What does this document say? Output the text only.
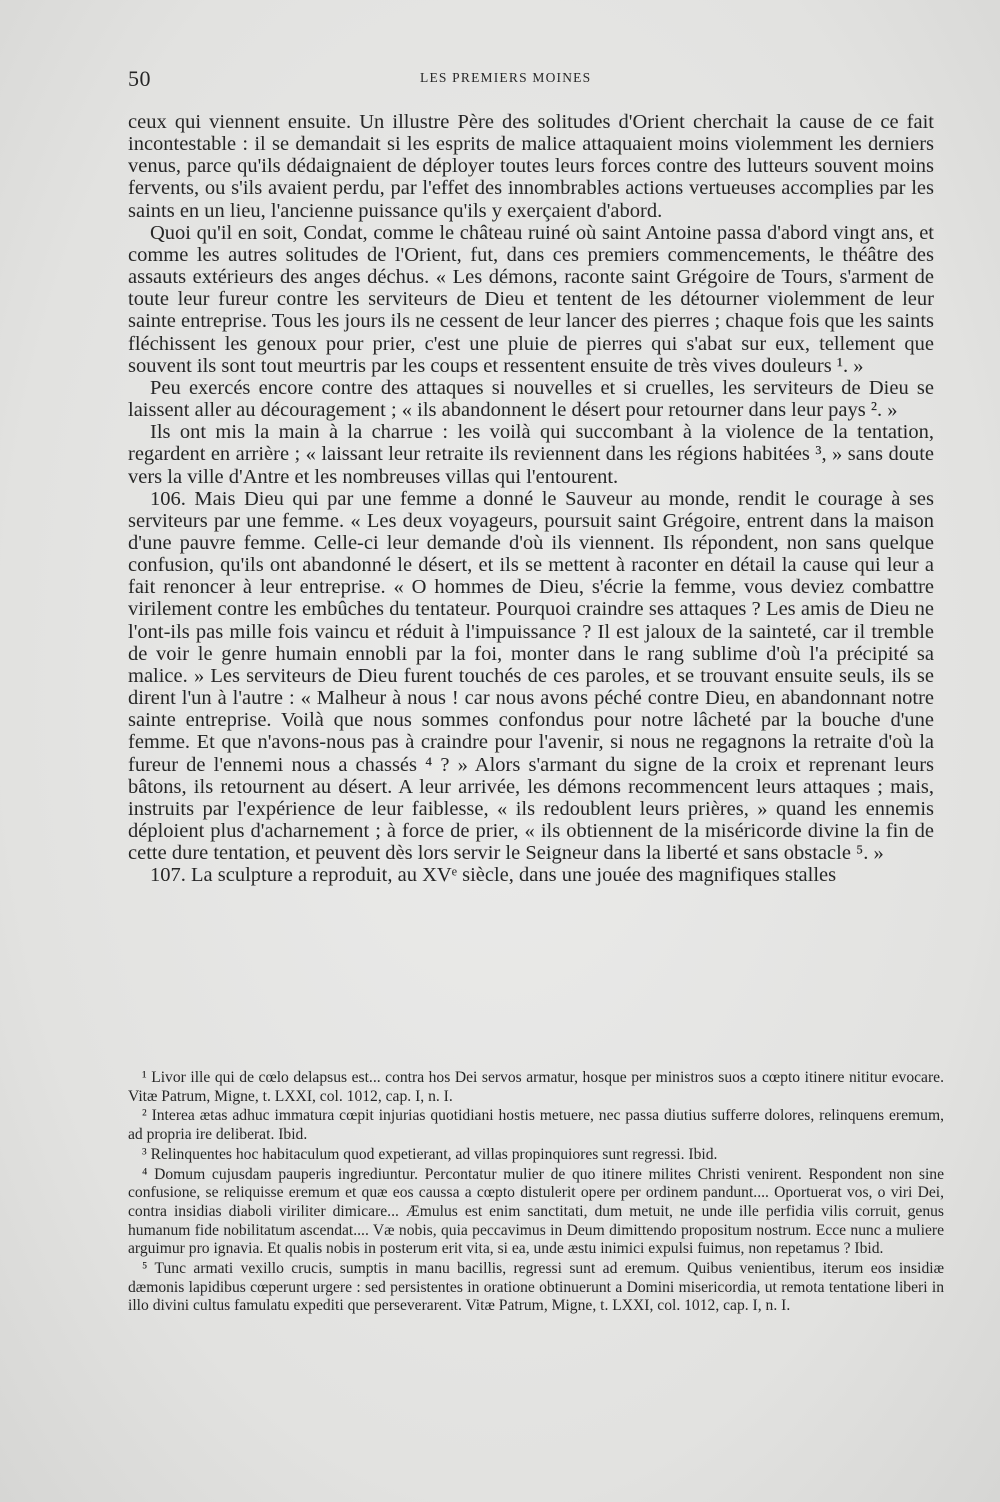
50	LES PREMIERS MOINES

ceux qui viennent ensuite. Un illustre Père des solitudes d'Orient cherchait la cause de ce fait incontestable : il se demandait si les esprits de malice attaquaient moins violemment les derniers venus, parce qu'ils dédaignaient de déployer toutes leurs forces contre des lutteurs souvent moins fervents, ou s'ils avaient perdu, par l'effet des innombrables actions vertueuses accomplies par les saints en un lieu, l'ancienne puissance qu'ils y exerçaient d'abord.

Quoi qu'il en soit, Condat, comme le château ruiné où saint Antoine passa d'abord vingt ans, et comme les autres solitudes de l'Orient, fut, dans ces premiers commencements, le théâtre des assauts extérieurs des anges déchus. « Les démons, raconte saint Grégoire de Tours, s'arment de toute leur fureur contre les serviteurs de Dieu et tentent de les détourner violemment de leur sainte entreprise. Tous les jours ils ne cessent de leur lancer des pierres ; chaque fois que les saints fléchissent les genoux pour prier, c'est une pluie de pierres qui s'abat sur eux, tellement que souvent ils sont tout meurtris par les coups et ressentent ensuite de très vives douleurs ¹. »

Peu exercés encore contre des attaques si nouvelles et si cruelles, les serviteurs de Dieu se laissent aller au découragement ; « ils abandonnent le désert pour retourner dans leur pays ². »

Ils ont mis la main à la charrue : les voilà qui succombant à la violence de la tentation, regardent en arrière ; « laissant leur retraite ils reviennent dans les régions habitées ³, » sans doute vers la ville d'Antre et les nombreuses villas qui l'entourent.

106. Mais Dieu qui par une femme a donné le Sauveur au monde, rendit le courage à ses serviteurs par une femme. « Les deux voyageurs, poursuit saint Grégoire, entrent dans la maison d'une pauvre femme. Celle-ci leur demande d'où ils viennent. Ils répondent, non sans quelque confusion, qu'ils ont abandonné le désert, et ils se mettent à raconter en détail la cause qui leur a fait renoncer à leur entreprise. « O hommes de Dieu, s'écrie la femme, vous deviez combattre virilement contre les embûches du tentateur. Pourquoi craindre ses attaques ? Les amis de Dieu ne l'ont-ils pas mille fois vaincu et réduit à l'impuissance ? Il est jaloux de la sainteté, car il tremble de voir le genre humain ennobli par la foi, monter dans le rang sublime d'où l'a précipité sa malice. » Les serviteurs de Dieu furent touchés de ces paroles, et se trouvant ensuite seuls, ils se dirent l'un à l'autre : « Malheur à nous ! car nous avons péché contre Dieu, en abandonnant notre sainte entreprise. Voilà que nous sommes confondus pour notre lâcheté par la bouche d'une femme. Et que n'avons-nous pas à craindre pour l'avenir, si nous ne regagnons la retraite d'où la fureur de l'ennemi nous a chassés ⁴ ? » Alors s'armant du signe de la croix et reprenant leurs bâtons, ils retournent au désert. A leur arrivée, les démons recommencent leurs attaques ; mais, instruits par l'expérience de leur faiblesse, « ils redoublent leurs prières, » quand les ennemis déploient plus d'acharnement ; à force de prier, « ils obtiennent de la miséricorde divine la fin de cette dure tentation, et peuvent dès lors servir le Seigneur dans la liberté et sans obstacle ⁵. »

107. La sculpture a reproduit, au XVᵉ siècle, dans une jouée des magnifiques stalles

¹ Livor ille qui de cœlo delapsus est... contra hos Dei servos armatur, hosque per ministros suos a cœpto itinere nititur evocare. Vitæ Patrum, Migne, t. LXXI, col. 1012, cap. I, n. I.

² Interea ætas adhuc immatura cœpit injurias quotidiani hostis metuere, nec passa diutius sufferre dolores, relinquens eremum, ad propria ire deliberat. Ibid.

³ Relinquentes hoc habitaculum quod expetierant, ad villas propinquiores sunt regressi. Ibid.

⁴ Domum cujusdam pauperis ingrediuntur. Percontatur mulier de quo itinere milites Christi venirent. Respondent non sine confusione, se reliquisse eremum et quæ eos caussa a cœpto distulerit opere per ordinem pandunt.... Oportuerat vos, o viri Dei, contra insidias diaboli viriliter dimicare... Æmulus est enim sanctitati, dum metuit, ne unde ille perfidia vilis corruit, genus humanum fide nobilitatum ascendat.... Væ nobis, quia peccavimus in Deum dimittendo propositum nostrum. Ecce nunc a muliere arguimur pro ignavia. Et qualis nobis in posterum erit vita, si ea, unde æstu inimici expulsi fuimus, non repetamus ? Ibid.

⁵ Tunc armati vexillo crucis, sumptis in manu bacillis, regressi sunt ad eremum. Quibus venientibus, iterum eos insidiæ dæmonis lapidibus cœperunt urgere : sed persistentes in oratione obtinuerunt a Domini misericordia, ut remota tentatione liberi in illo divini cultus famulatu expediti que perseverarent. Vitæ Patrum, Migne, t. LXXI, col. 1012, cap. I, n. I.
